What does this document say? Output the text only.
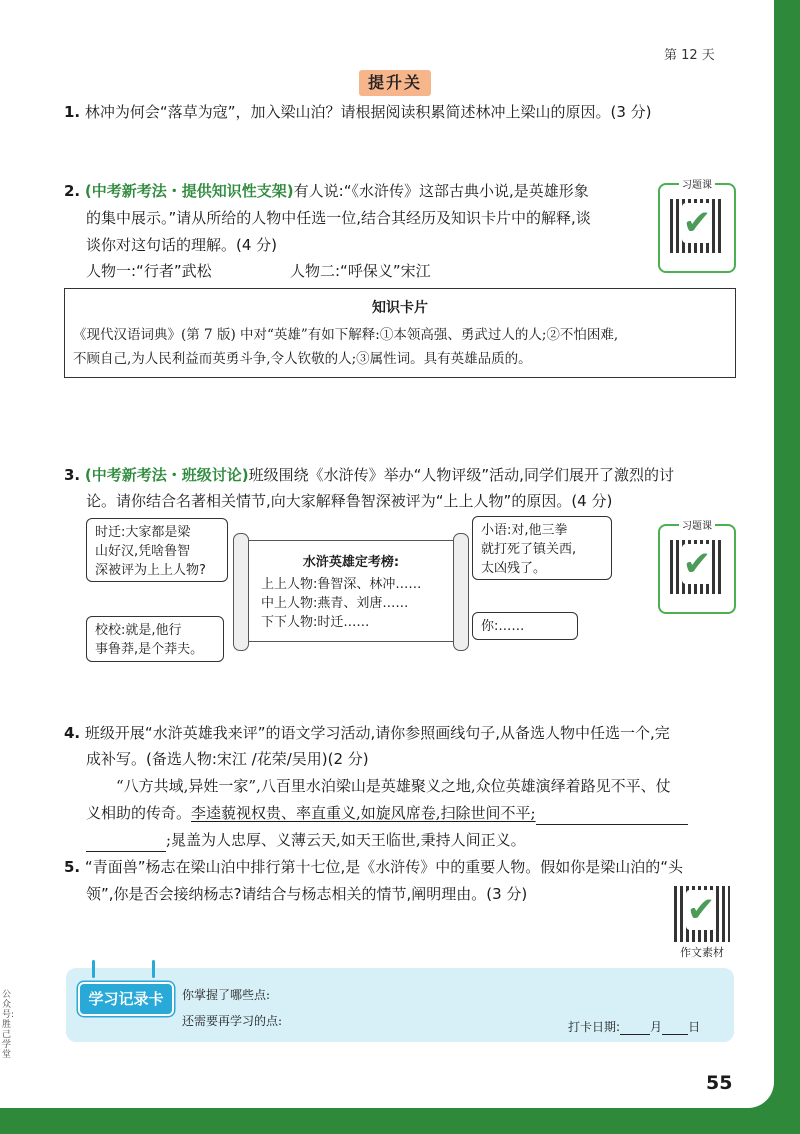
第 12 天
提升关
1. 林冲为何会“落草为寇”，加入梁山泊？请根据阅读积累简述林冲上梁山的原因。(3 分)
2. (中考新考法・提供知识性支架)有人说:“《水浒传》这部古典小说,是英雄形象
的集中展示。”请从所给的人物中任选一位,结合其经历及知识卡片中的解释,谈
谈你对这句话的理解。(4 分)
人物一:“行者”武松	人物二:“呼保义”宋江
习题课
✔
知识卡片
《现代汉语词典》(第 7 版) 中对“英雄”有如下解释:①本领高强、勇武过人的人;②不怕困难,
不顾自己,为人民利益而英勇斗争,令人钦敬的人;③属性词。具有英雄品质的。
3. (中考新考法・班级讨论)班级围绕《水浒传》举办“人物评级”活动,同学们展开了激烈的讨
论。请你结合名著相关情节,向大家解释鲁智深被评为“上上人物”的原因。(4 分)
习题课
✔
时迁:大家都是梁
山好汉,凭啥鲁智
深被评为上上人物?
小语:对,他三拳
就打死了镇关西,
太凶残了。
校校:就是,他行
事鲁莽,是个莽夫。
你:……
水浒英雄定考榜:
上上人物:鲁智深、林冲……
中上人物:燕青、刘唐……
下下人物:时迁……
4. 班级开展“水浒英雄我来评”的语文学习活动,请你参照画线句子,从备选人物中任选一个,完
成补写。(备选人物:宋江 /花荣/吴用)(2 分)
“八方共域,异姓一家”,八百里水泊梁山是英雄聚义之地,众位英雄演绎着路见不平、仗
义相助的传奇。李逵藐视权贵、率直重义,如旋风席卷,扫除世间不平;
;晁盖为人忠厚、义薄云天,如天王临世,秉持人间正义。
5. “青面兽”杨志在梁山泊中排行第十七位,是《水浒传》中的重要人物。假如你是梁山泊的“头
领”,你是否会接纳杨志?请结合与杨志相关的情节,阐明理由。(3 分)
✔
作文素材
学习记录卡	你掌握了哪些点:
还需要再学习的点:	打卡日期:	月 日
55
公众号:胜己学堂
